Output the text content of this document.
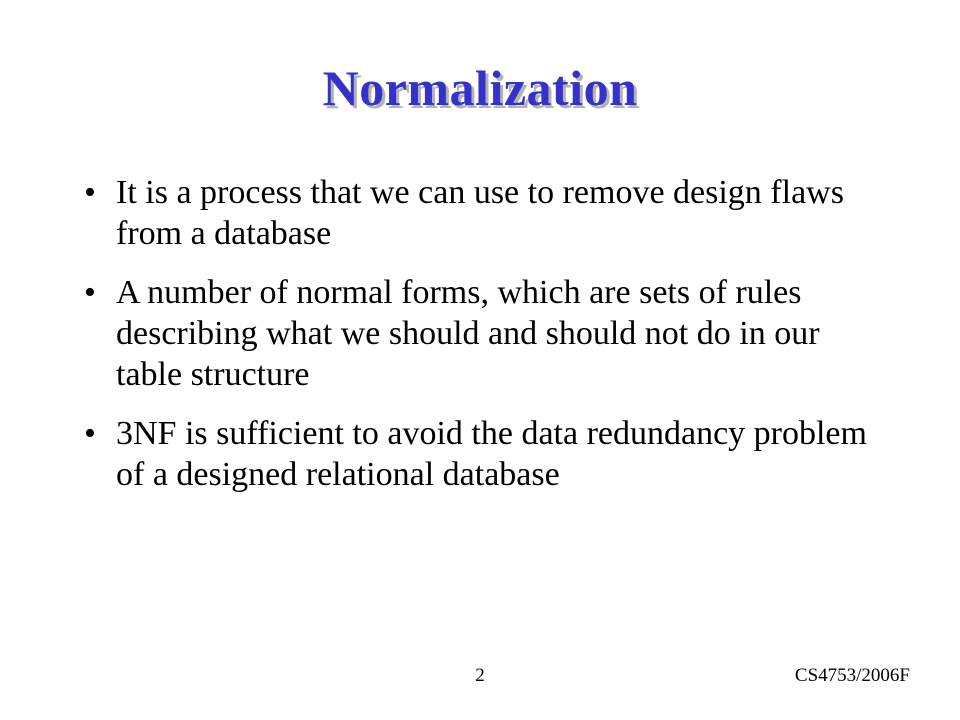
Normalization
• It is a process that we can use to remove design flaws from a database
• A number of normal forms, which are sets of rules describing what we should and should not do in our table structure
• 3NF is sufficient to avoid the data redundancy problem of a designed relational database
2	CS4753/2006F
